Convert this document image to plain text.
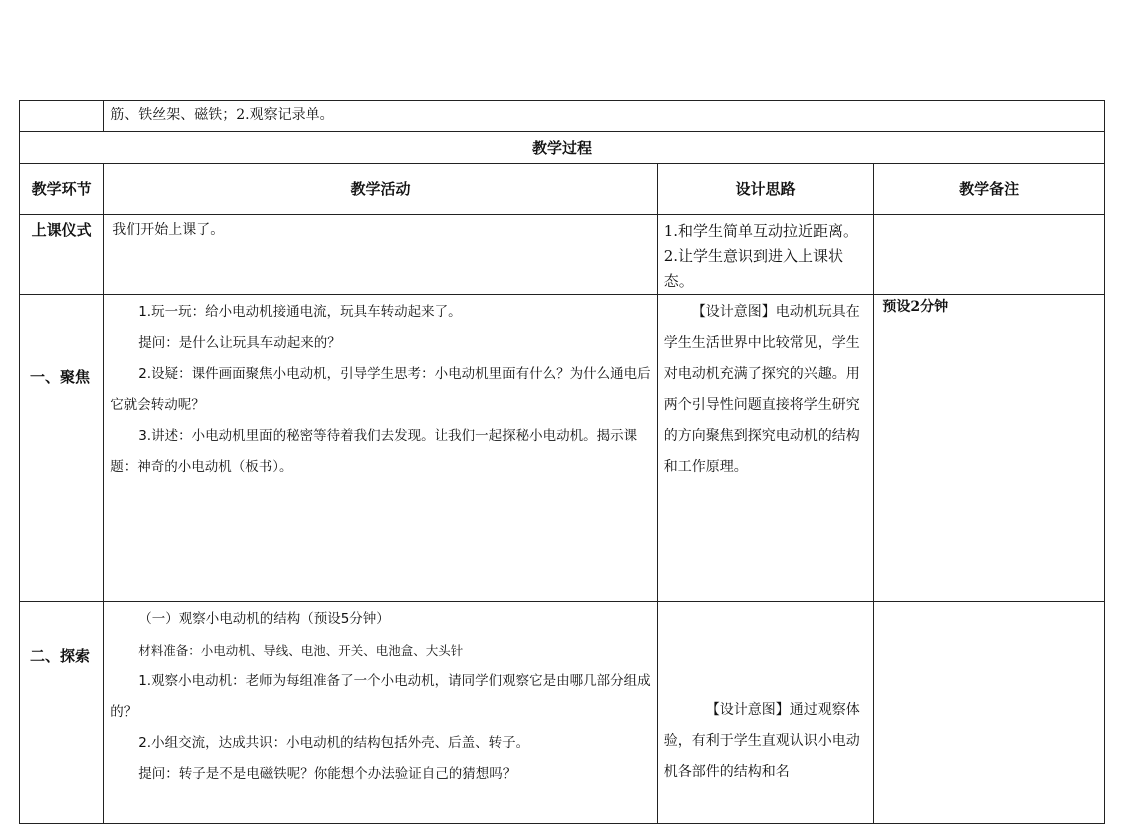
	筋、铁丝架、磁铁；2.观察记录单。		

教学过程			
教学环节	教学活动	设计思路	教学备注
上课仪式	我们开始上课了。	1.和学生简单互动拉近距离。2.让学生意识到进入上课状态。	

一、聚焦	1.玩一玩：给小电动机接通电流，玩具车转动起来了。

提问：是什么让玩具车动起来的？

2.设疑：课件画面聚焦小电动机，引导学生思考：小电动机里面有什么？为什么通电后它就会转动呢？

3.讲述：小电动机里面的秘密等待着我们去发现。让我们一起探秘小电动机。揭示课题：神奇的小电动机（板书）。	【设计意图】电动机玩具在学生生活世界中比较常见，学生对电动机充满了探究的兴趣。用两个引导性问题直接将学生研究的方向聚焦到探究电动机的结构和工作原理。	预设2分钟

二、探索	（一）观察小电动机的结构（预设5分钟）

材料准备：小电动机、导线、电池、开关、电池盒、大头针

1.观察小电动机：老师为每组准备了一个小电动机，请同学们观察它是由哪几部分组成的？

2.小组交流，达成共识：小电动机的结构包括外壳、后盖、转子。

提问：转子是不是电磁铁呢？你能想个办法验证自己的猜想吗？	【设计意图】通过观察体验，有利于学生直观认识小电动机各部件的结构和名	
